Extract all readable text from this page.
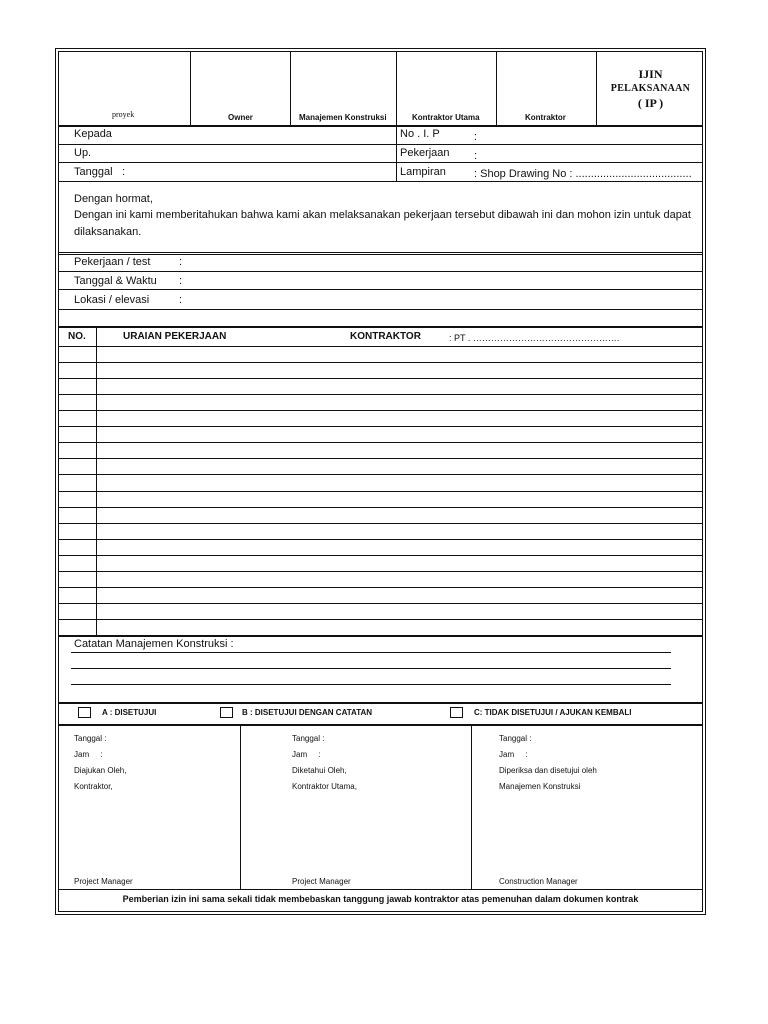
proyek	Owner	Manajemen Konstruksi	Kontraktor Utama	Kontraktor
IJIN
PELAKSANAAN
( IP )
Kepada
Up.
Tanggal :
No . I. P	:
Pekerjaan :
Lampiran	: Shop Drawing No : ......................................
Dengan hormat,
Dengan ini kami memberitahukan bahwa kami akan melaksanakan pekerjaan tersebut dibawah ini dan mohon izin untuk dapat
dilaksanakan.
Pekerjaan / test	:
Tanggal & Waktu :
Lokasi / elevasi	:
NO.	URAIAN PEKERJAAN	KONTRAKTOR	: PT . ………………………………………….
Catatan Manajemen Konstruksi :
A : DISETUJUI	B : DISETUJUI DENGAN CATATAN	C: TIDAK DISETUJUI / AJUKAN KEMBALI
Tanggal :
Jam     :
Diajukan Oleh,
Kontraktor,
Project Manager
Tanggal :
Jam     :
Diketahui Oleh,
Kontraktor Utama,
Project Manager
Tanggal :
Jam     :
Diperiksa dan disetujui oleh
Manajemen Konstruksi
Construction Manager
Pemberian izin ini sama sekali tidak membebaskan tanggung jawab kontraktor atas pemenuhan dalam dokumen kontrak
